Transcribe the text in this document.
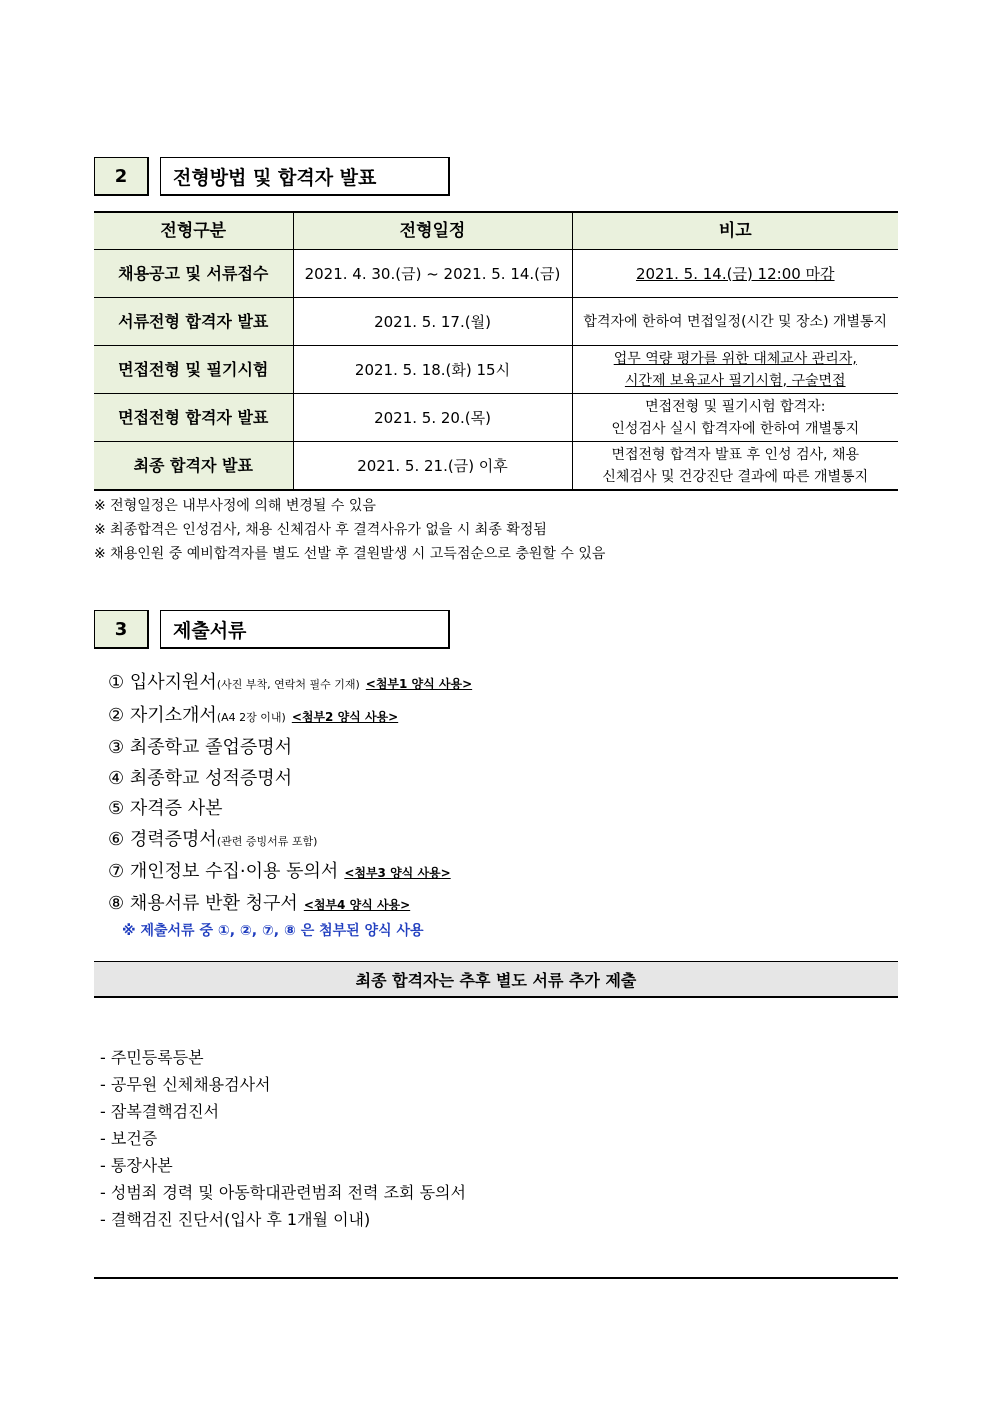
2	전형방법 및 합격자 발표
전형구분	전형일정	비고
채용공고 및 서류접수	2021. 4. 30.(금) ~ 2021. 5. 14.(금)	2021. 5. 14.(금) 12:00 마감
서류전형 합격자 발표	2021. 5. 17.(월)	합격자에 한하여 면접일정(시간 및 장소) 개별통지
면접전형 및 필기시험	2021. 5. 18.(화) 15시	업무 역량 평가를 위한 대체교사 관리자,
시간제 보육교사 필기시험, 구술면접
면접전형 합격자 발표	2021. 5. 20.(목)	면접전형 및 필기시험 합격자:
인성검사 실시 합격자에 한하여 개별통지
최종 합격자 발표	2021. 5. 21.(금) 이후	면접전형 합격자 발표 후 인성 검사, 채용
신체검사 및 건강진단 결과에 따른 개별통지
※ 전형일정은 내부사정에 의해 변경될 수 있음
※ 최종합격은 인성검사, 채용 신체검사 후 결격사유가 없을 시 최종 확정됨
※ 채용인원 중 예비합격자를 별도 선발 후 결원발생 시 고득점순으로 충원할 수 있음
3	제출서류
① 입사지원서(사진 부착, 연락처 필수 기재) <첨부1 양식 사용>
② 자기소개서(A4 2장 이내) <첨부2 양식 사용>
③ 최종학교 졸업증명서
④ 최종학교 성적증명서
⑤ 자격증 사본
⑥ 경력증명서(관련 증빙서류 포함)
⑦ 개인정보 수집·이용 동의서 <첨부3 양식 사용>
⑧ 채용서류 반환 청구서 <첨부4 양식 사용>
※ 제출서류 중 ①, ②, ⑦, ⑧ 은 첨부된 양식 사용
최종 합격자는 추후 별도 서류 추가 제출
- 주민등록등본
- 공무원 신체채용검사서
- 잠복결핵검진서
- 보건증
- 통장사본
- 성범죄 경력 및 아동학대관련범죄 전력 조회 동의서
- 결핵검진 진단서(입사 후 1개월 이내)
